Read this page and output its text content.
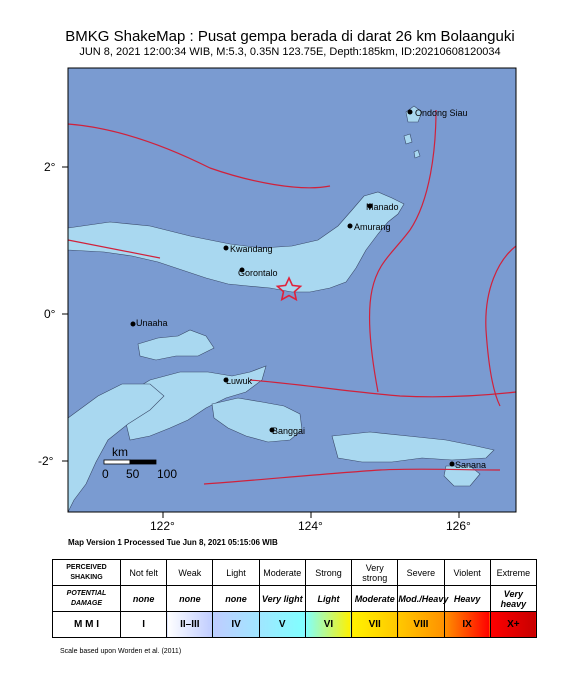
BMKG ShakeMap : Pusat gempa berada di darat 26 km Bolaanguki
JUN 8, 2021 12:00:34 WIB, M:5.3, 0.35N 123.75E, Depth:185km, ID:20210608120034
Ondong Siau
Manado
Amurang
Kwandang
Gorontalo
Unaaha
Luwuk
Banggai
Sanana
km
0 50 100
2°
0°
-2°
122°	124°	126°
Map Version 1 Processed Tue Jun 8, 2021 05:15:06 WIB
PERCEIVED SHAKING	Not felt	Weak	Light	Moderate	Strong	Very strong	Severe	Violent	Extreme
POTENTIAL DAMAGE	none	none	none	Very light	Light	Moderate	Mod./Heavy	Heavy	Very heavy
M M I	I	II–III	IV	V	VI	VII	VIII	IX	X+
Scale based upon Worden et al. (2011)
